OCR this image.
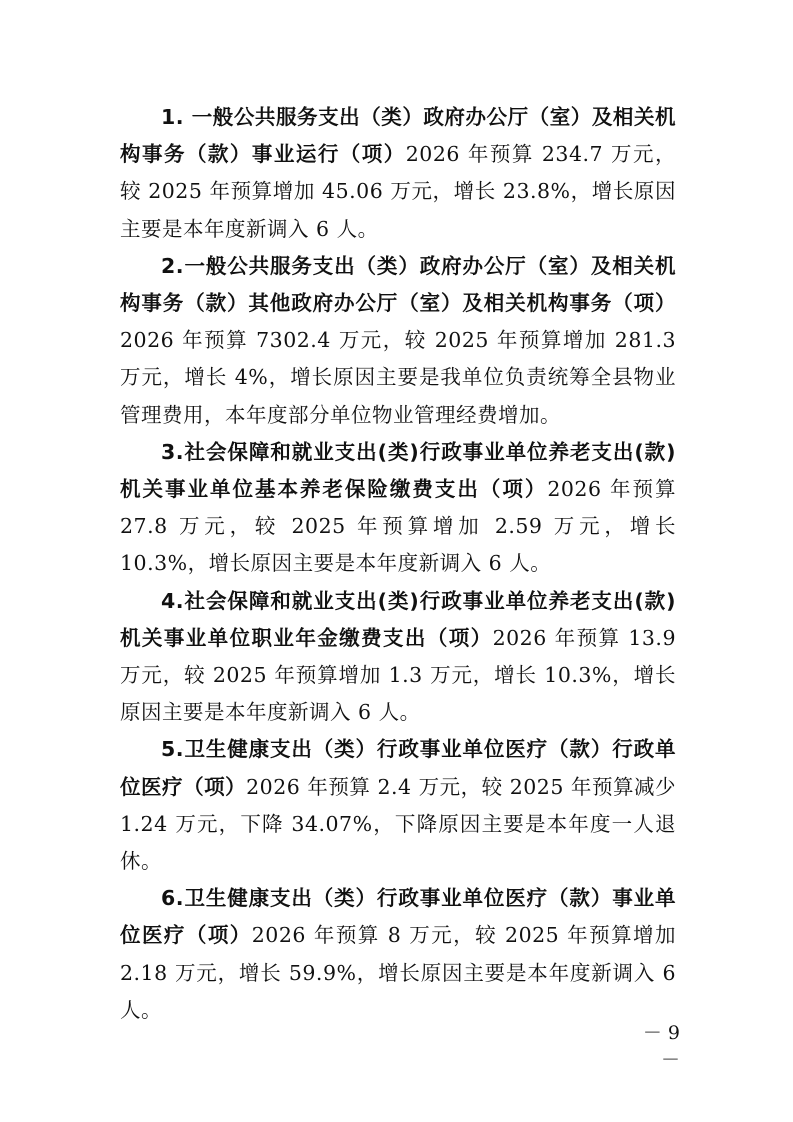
1. 一般公共服务支出（类）政府办公厅（室）及相关机构事务（款）事业运行（项）2026 年预算 234.7 万元，较 2025 年预算增加 45.06 万元，增长 23.8%，增长原因主要是本年度新调入 6 人。

2.一般公共服务支出（类）政府办公厅（室）及相关机构事务（款）其他政府办公厅（室）及相关机构事务（项）2026 年预算 7302.4 万元，较 2025 年预算增加 281.3 万元，增长 4%，增长原因主要是我单位负责统筹全县物业管理费用，本年度部分单位物业管理经费增加。

3.社会保障和就业支出(类)行政事业单位养老支出(款)机关事业单位基本养老保险缴费支出（项）2026 年预算 27.8 万元，较 2025 年预算增加 2.59 万元，增长 10.3%，增长原因主要是本年度新调入 6 人。

4.社会保障和就业支出(类)行政事业单位养老支出(款)机关事业单位职业年金缴费支出（项）2026 年预算 13.9 万元，较 2025 年预算增加 1.3 万元，增长 10.3%，增长原因主要是本年度新调入 6 人。

5.卫生健康支出（类）行政事业单位医疗（款）行政单位医疗（项）2026 年预算 2.4 万元，较 2025 年预算减少 1.24 万元，下降 34.07%，下降原因主要是本年度一人退休。

6.卫生健康支出（类）行政事业单位医疗（款）事业单位医疗（项）2026 年预算 8 万元，较 2025 年预算增加 2.18 万元，增长 59.9%，增长原因主要是本年度新调入 6 人。

－ 9 －
